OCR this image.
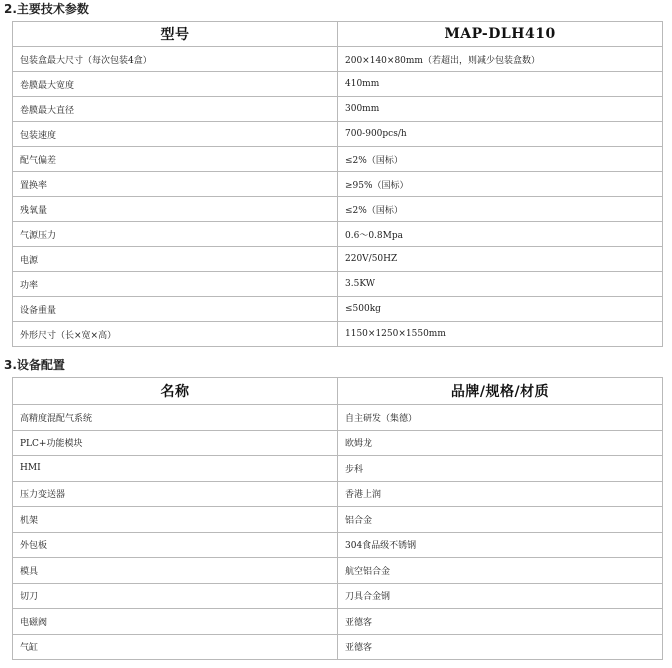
2.主要技术参数
型号	MAP-DLH410
包装盒最大尺寸（每次包装4盒）	200×140×80mm（若超出，则减少包装盒数）
卷膜最大宽度	410mm
卷膜最大直径	300mm
包装速度	700-900pcs/h
配气偏差	≤2%（国标）
置换率	≥95%（国标）
残氧量	≤2%（国标）
气源压力	0.6～0.8Mpa
电源	220V/50HZ
功率	3.5KW
设备重量	≤500kg
外形尺寸（长×宽×高）	1150×1250×1550mm
3.设备配置
名称	品牌/规格/材质
高精度混配气系统	自主研发（集德）
PLC+功能模块	欧姆龙
HMI	步科
压力变送器	香港上润
机架	铝合金
外包板	304食品级不锈钢
模具	航空铝合金
切刀	刀具合金钢
电磁阀	亚德客
气缸	亚德客
